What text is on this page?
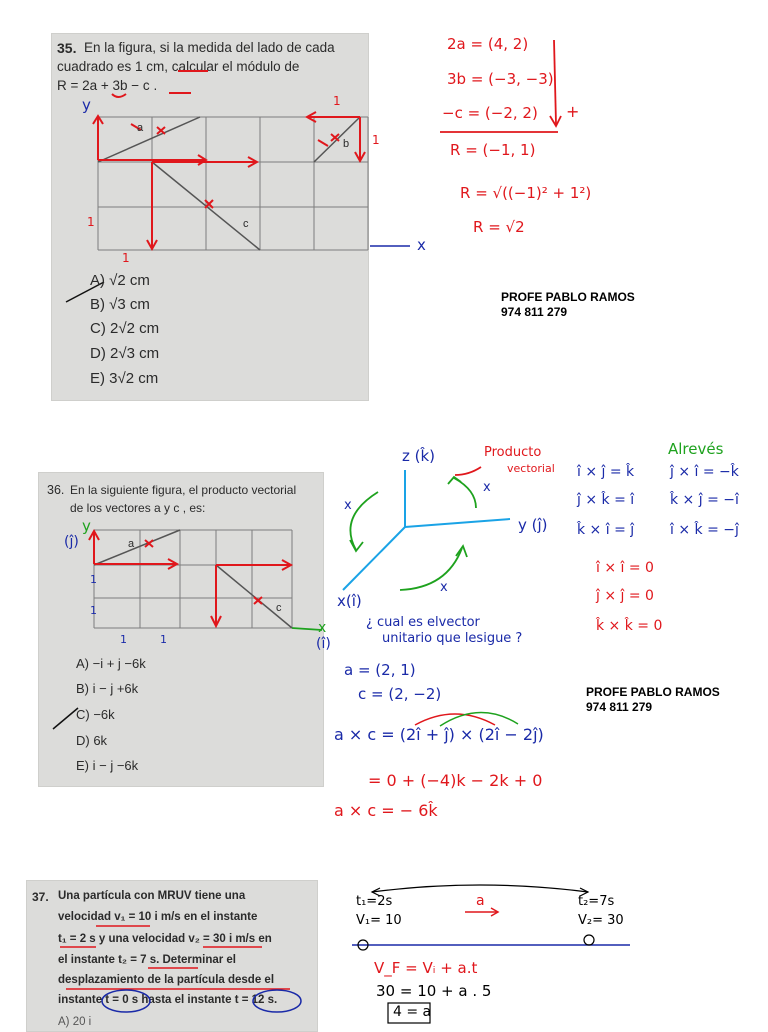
35. En la figura, si la medida del lado de cada
cuadrado es 1 cm, calcular el módulo de
R = 2a + 3b − c .
a
b
c
y
x
1
1
1
1
A) √2 cm
B) √3 cm
C) 2√2 cm
D) 2√3 cm
E) 3√2 cm
2a = (4, 2)
3b = (−3, −3)
−c = (−2, 2)
R = (−1, 1)
R = √((−1)² + 1²)
R = √2
+
PROFE PABLO RAMOS
974 811 279
36. En la siguiente figura, el producto vectorial
de los vectores a y c , es:
a
c
y
(ĵ)
x
(î)
1
1
1	1
A) −i + j −6k
B) i − j +6k
C) −6k
D) 6k
E) i − j −6k
z (k̂)
y (ĵ)
x(î)
Producto
vectorial
x
x
x
î × ĵ = k̂
ĵ × k̂ = î
k̂ × î = ĵ
Alrevés
ĵ × î = −k̂
k̂ × ĵ = −î
î × k̂ = −ĵ
î × î = 0
ĵ × ĵ = 0
k̂ × k̂ = 0
¿ cual es elvector
unitario que lesigue ?
a = (2, 1)
c = (2, −2)
a × c = (2î + ĵ) × (2î − 2ĵ)
= 0 + (−4)k − 2k + 0
a × c = − 6k̂
PROFE PABLO RAMOS
974 811 279
37. Una partícula con MRUV tiene una
velocidad v₁ = 10 i m/s en el instante
t₁ = 2 s y una velocidad v₂ = 30 i m/s en
el instante t₂ = 7 s. Determinar el
desplazamiento de la partícula desde el
instante t = 0 s hasta el instante t = 12 s.
A) 20 i
t₁=2s
V₁= 10
t₂=7s
V₂= 30
a
V_F = Vᵢ + a.t
30 = 10 + a . 5
4 = a
